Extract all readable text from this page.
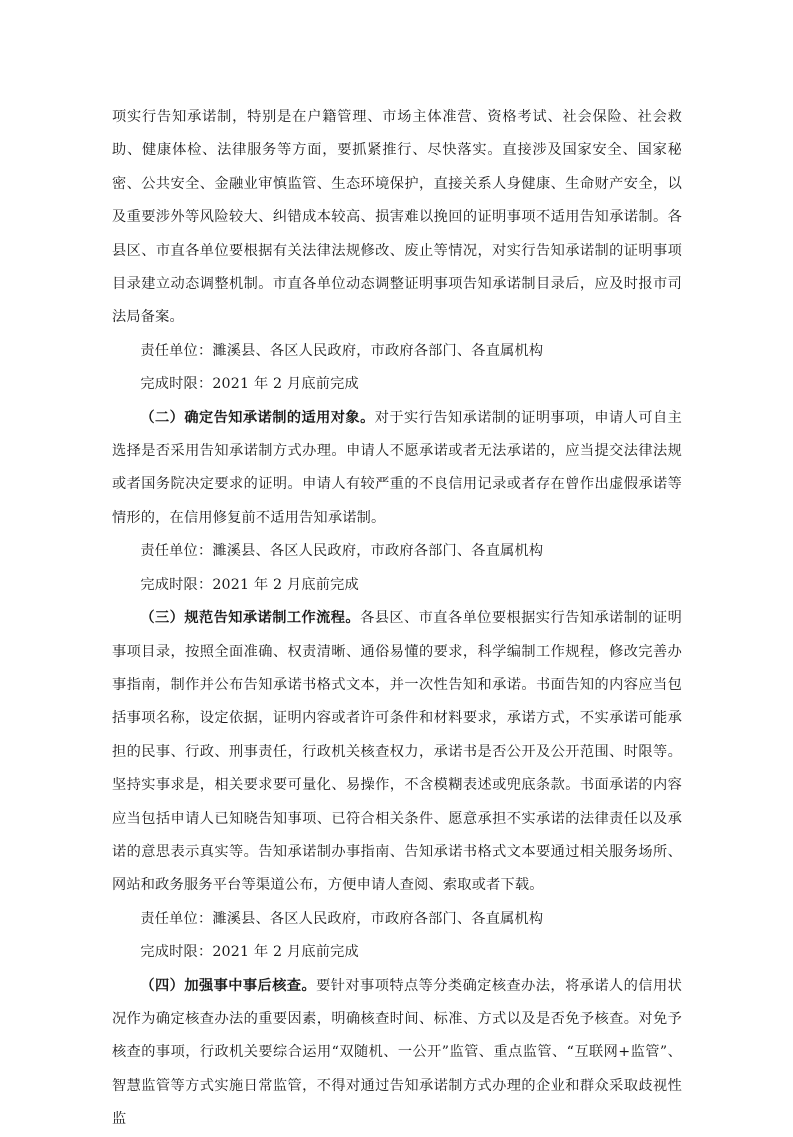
项实行告知承诺制，特别是在户籍管理、市场主体准营、资格考试、社会保险、社会救助、健康体检、法律服务等方面，要抓紧推行、尽快落实。直接涉及国家安全、国家秘密、公共安全、金融业审慎监管、生态环境保护，直接关系人身健康、生命财产安全，以及重要涉外等风险较大、纠错成本较高、损害难以挽回的证明事项不适用告知承诺制。各县区、市直各单位要根据有关法律法规修改、废止等情况，对实行告知承诺制的证明事项目录建立动态调整机制。市直各单位动态调整证明事项告知承诺制目录后，应及时报市司法局备案。

责任单位：濉溪县、各区人民政府，市政府各部门、各直属机构

完成时限：2021 年 2 月底前完成

（二）确定告知承诺制的适用对象。对于实行告知承诺制的证明事项，申请人可自主选择是否采用告知承诺制方式办理。申请人不愿承诺或者无法承诺的，应当提交法律法规或者国务院决定要求的证明。申请人有较严重的不良信用记录或者存在曾作出虚假承诺等情形的，在信用修复前不适用告知承诺制。

责任单位：濉溪县、各区人民政府，市政府各部门、各直属机构

完成时限：2021 年 2 月底前完成

（三）规范告知承诺制工作流程。各县区、市直各单位要根据实行告知承诺制的证明事项目录，按照全面准确、权责清晰、通俗易懂的要求，科学编制工作规程，修改完善办事指南，制作并公布告知承诺书格式文本，并一次性告知和承诺。书面告知的内容应当包括事项名称，设定依据，证明内容或者许可条件和材料要求，承诺方式，不实承诺可能承担的民事、行政、刑事责任，行政机关核查权力，承诺书是否公开及公开范围、时限等。坚持实事求是，相关要求要可量化、易操作，不含模糊表述或兜底条款。书面承诺的内容应当包括申请人已知晓告知事项、已符合相关条件、愿意承担不实承诺的法律责任以及承诺的意思表示真实等。告知承诺制办事指南、告知承诺书格式文本要通过相关服务场所、网站和政务服务平台等渠道公布，方便申请人查阅、索取或者下载。

责任单位：濉溪县、各区人民政府，市政府各部门、各直属机构

完成时限：2021 年 2 月底前完成

（四）加强事中事后核查。要针对事项特点等分类确定核查办法，将承诺人的信用状况作为确定核查办法的重要因素，明确核查时间、标准、方式以及是否免予核查。对免予核查的事项，行政机关要综合运用“双随机、一公开”监管、重点监管、“互联网+监管”、智慧监管等方式实施日常监管，不得对通过告知承诺制方式办理的企业和群众采取歧视性监
